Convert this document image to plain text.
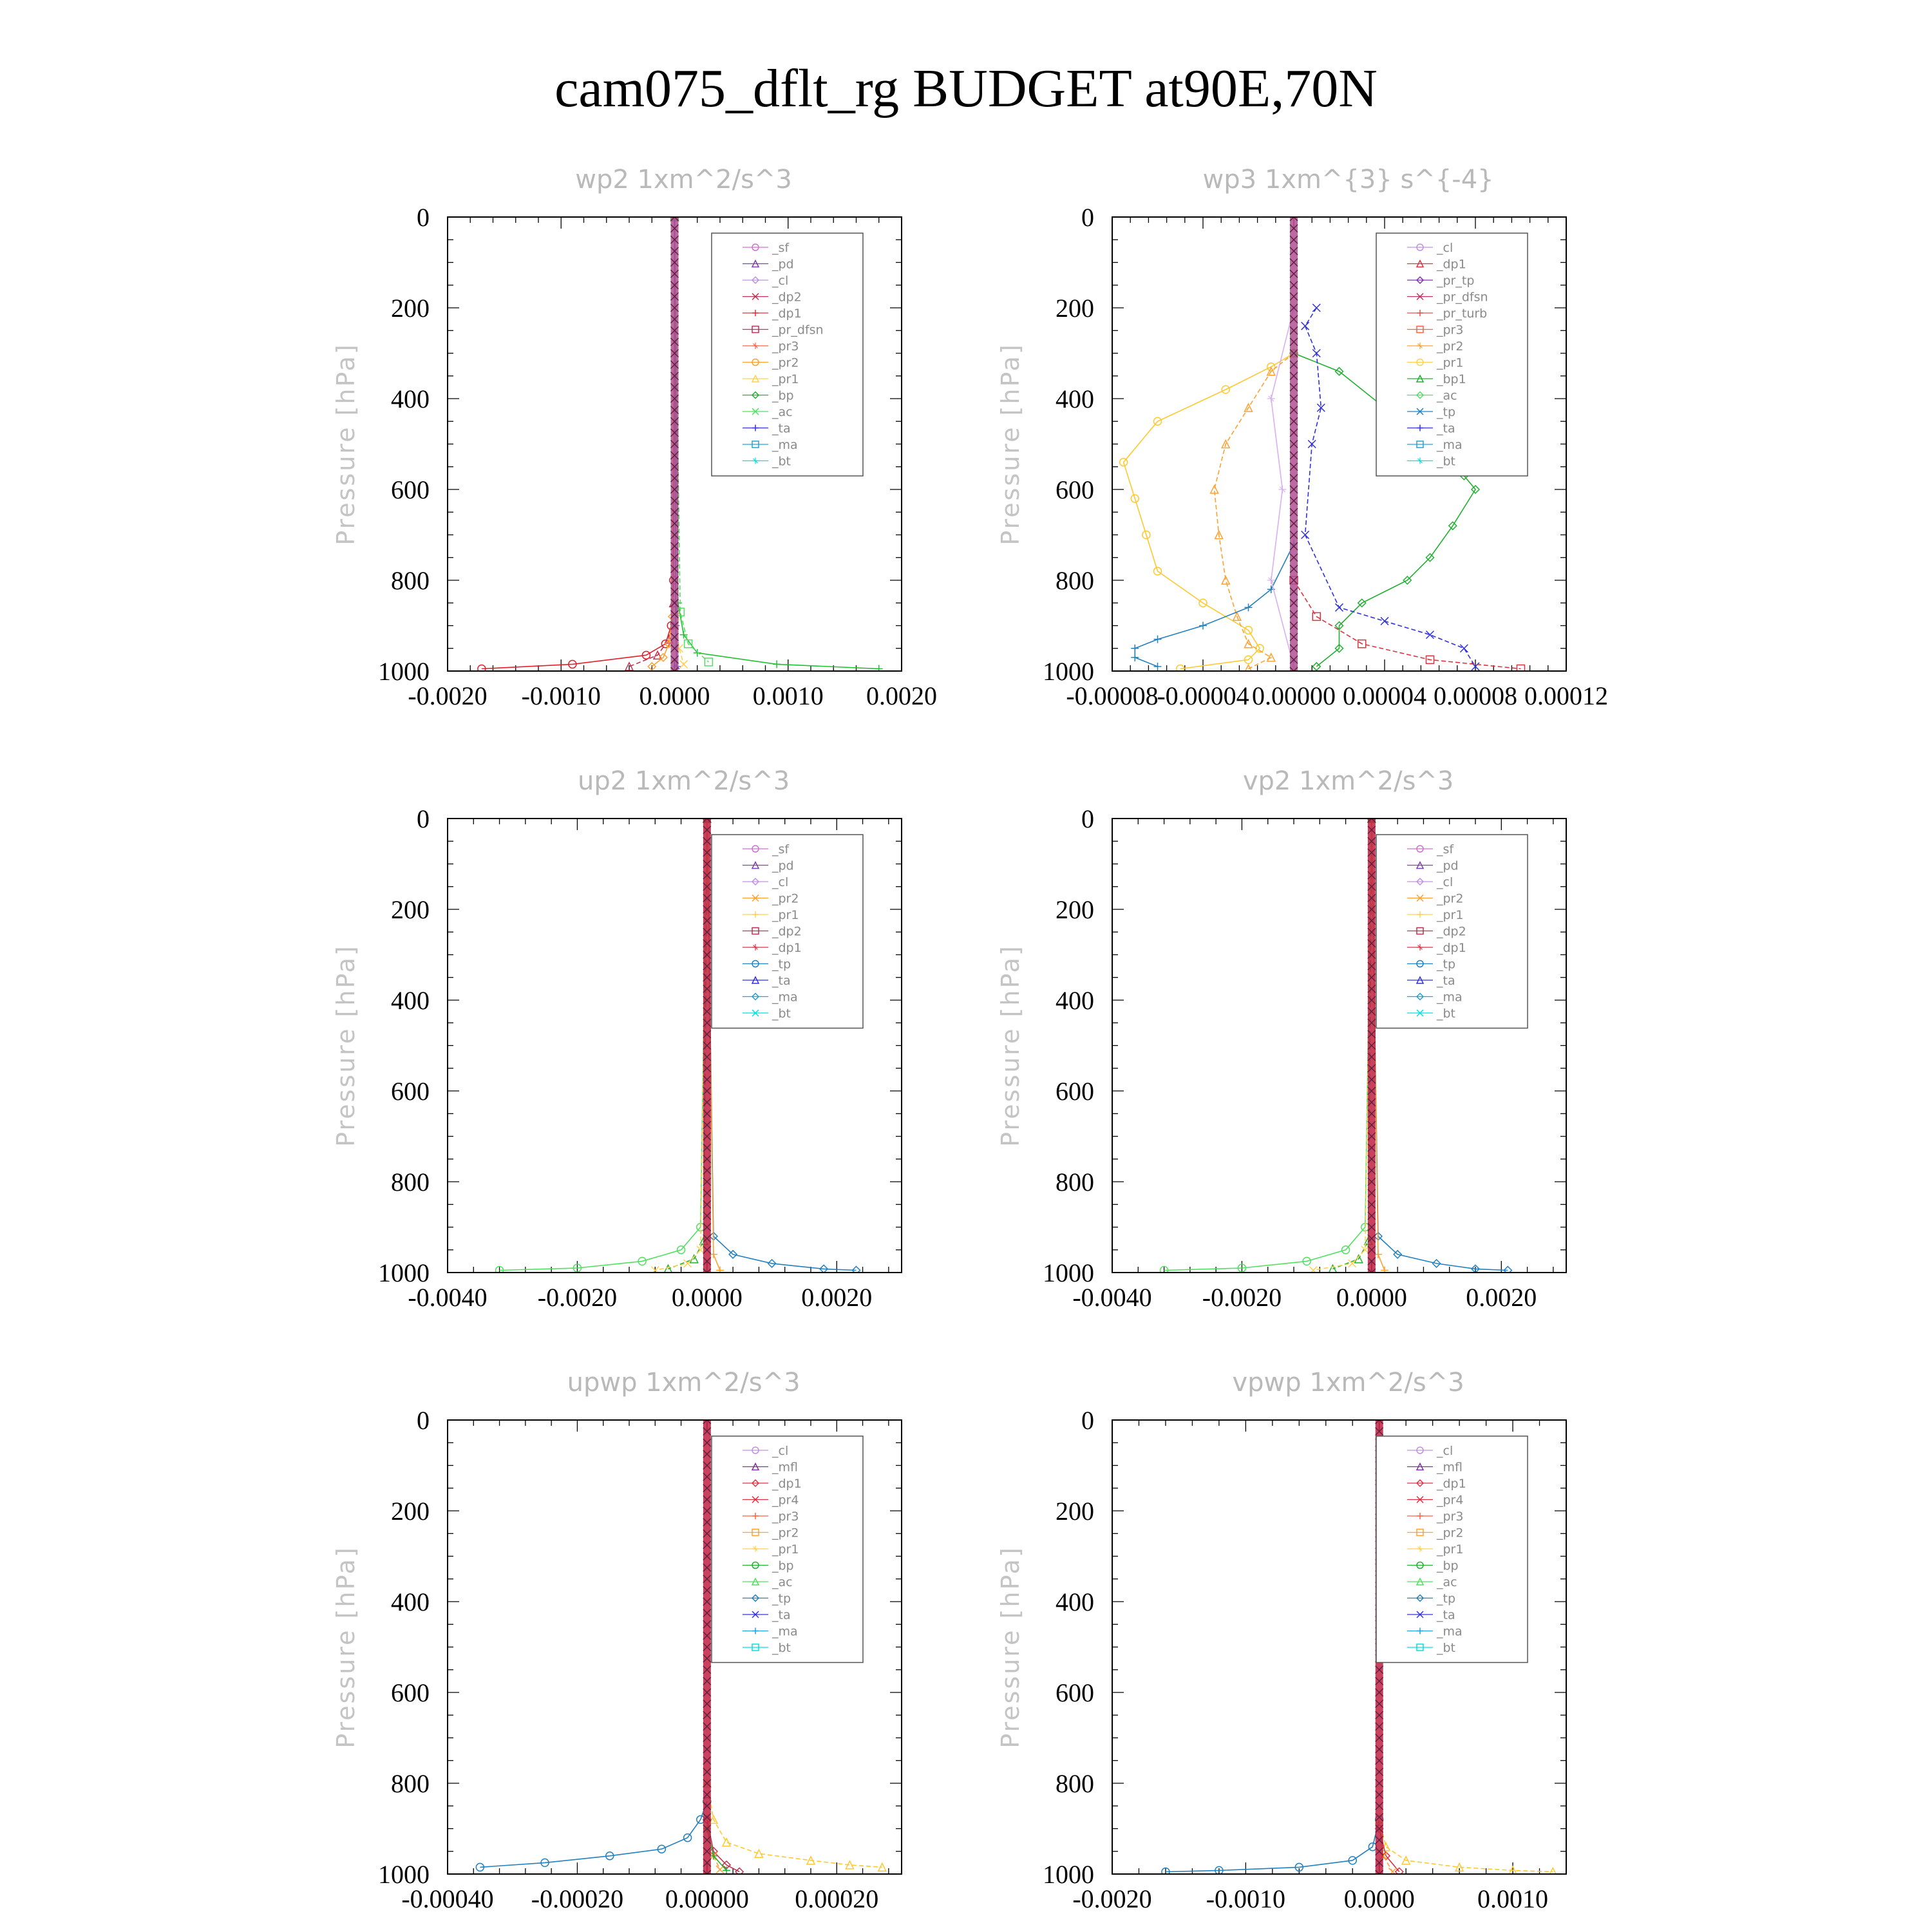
cam075_dflt_rg BUDGET at90E,70N
wp2 1xm^2/s^3
Pressure [hPa]
-0.0020 -0.0010 0.0000 0.0010 0.0020
0
200
400
600
800
1000
_sf
_pd
_cl
_dp2
_dp1
_pr_dfsn
_pr3
_pr2
_pr1
_bp
_ac
_ta
_ma
_bt
wp3 1xm^{3} s^{-4}
Pressure [hPa]
-0.00008
-0.00004 0.00000 0.00004 0.00008 0.00012
0
200
400
600
800
1000
_cl
_dp1
_pr_tp
_pr_dfsn
_pr_turb
_pr3
_pr2
_pr1
_bp1
_ac
_tp
_ta
_ma
_bt
up2 1xm^2/s^3
Pressure [hPa]
-0.0040 -0.0020 0.0000 0.0020
0
200
400
600
800
1000
_sf
_pd
_cl
_pr2
_pr1
_dp2
_dp1
_tp
_ta
_ma
_bt
vp2 1xm^2/s^3
Pressure [hPa]
-0.0040 -0.0020 0.0000 0.0020
0
200
400
600
800
1000
_sf
_pd
_cl
_pr2
_pr1
_dp2
_dp1
_tp
_ta
_ma
_bt
upwp 1xm^2/s^3
Pressure [hPa]
-0.00040 -0.00020 0.00000 0.00020
0
200
400
600
800
1000
_cl
_mfl
_dp1
_pr4
_pr3
_pr2
_pr1
_bp
_ac
_tp
_ta
_ma
_bt
vpwp 1xm^2/s^3
Pressure [hPa]
-0.0020 -0.0010 0.0000 0.0010
0
200
400
600
800
1000
_cl
_mfl
_dp1
_pr4
_pr3
_pr2
_pr1
_bp
_ac
_tp
_ta
_ma
_bt
